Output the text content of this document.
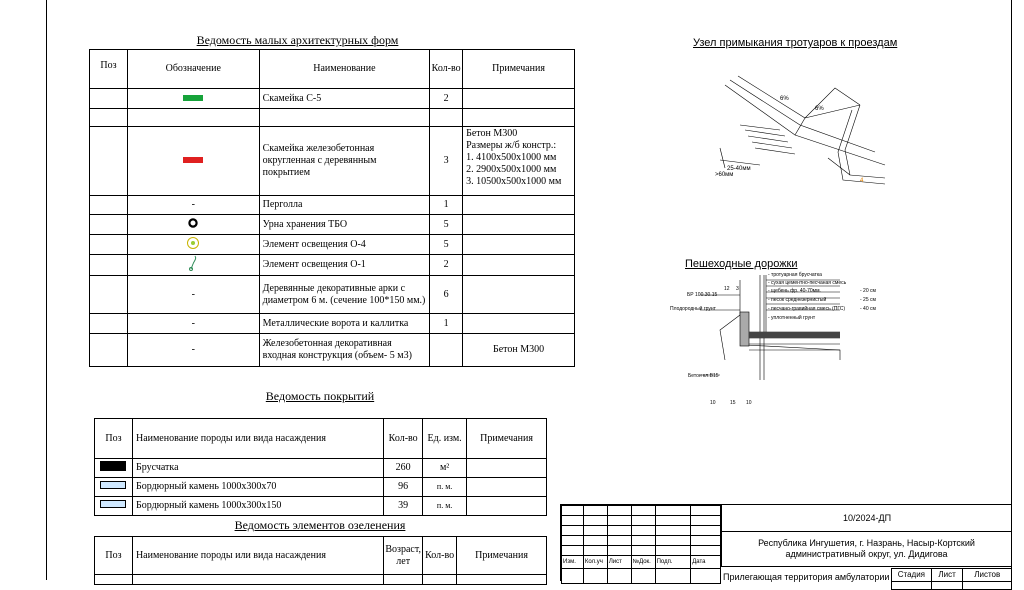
Ведомость малых архитектурных форм
Поз	Обозначение	Наименование	Кол-во	Примечания
		Скамейка С-5	2	

		Скамейка железобетонная округленная с деревянным покрытием	3	Бетон М300
Размеры ж/б констр.:
1. 4100х500х1000 мм
2. 2900х500х1000 мм
3. 10500х500х1000 мм

	-	Перголла	1	
		Урна хранения ТБО	5	
		Элемент освещения О-4	5	
		Элемент освещения О-1	2	
	-	Деревянные декоративные арки с диаметром 6 м. (сечение 100*150 мм.)	6	
	-	Металлические ворота и каллитка	1	
	-	Железобетонная декоративная входная конструкция (объем- 5 м3)		Бетон М300
Ведомость покрытий
Поз	Наименование породы или вида насаждения	Кол-во	Ед. изм.	Примечания
	Брусчатка	260	м²	
	Бордюрный камень 1000х300х70	96	п. м.	
	Бордюрный камень 1000х300х150	39	п. м.	
Ведомость элементов озеленения
Поз	Наименование породы или вида насаждения	Возраст, лет	Кол-во	Примечания

Узел примыкания тротуаров к проездам
6%
6%
25-40мм
>60мм
4
Пешеходные дорожки
- тротуарная брусчатка
- сухая цементно-песчаная смесь
- щебень фр. 40-70мм.
- песок среднезернистый
- песчано-гравийная смесь (ПГС)
- уплотненный грунт
- 20 см
- 25 см
- 40 см
БР 100.30.15
Плодородный грунт
Бетон кл.В15
12 3
10	15 10

Изм.	Кол.уч	Лист	№Док.	Подп.	Дата

10/2024-ДП
Республика Ингушетия, г. Назрань, Насыр-Кортский административный округ, ул. Дидигова
Прилегающая территория амбулатории Стадия	Лист	Листов
